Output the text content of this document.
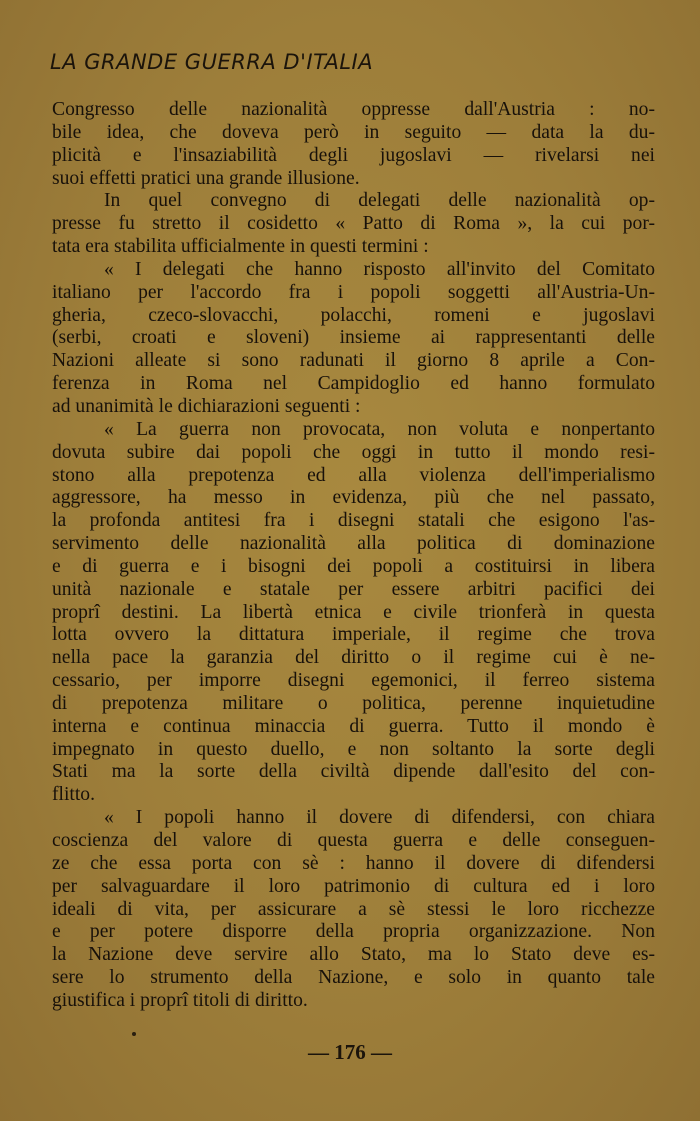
LA GRANDE GUERRA D'ITALIA

Congresso delle nazionalità oppresse dall'Austria : no-

bile idea, che doveva però in seguito — data la du-

plicità e l'insaziabilità degli jugoslavi — rivelarsi nei

suoi effetti pratici una grande illusione.

In quel convegno di delegati delle nazionalità op-

presse fu stretto il cosidetto « Patto di Roma », la cui por-

tata era stabilita ufficialmente in questi termini :

« I delegati che hanno risposto all'invito del Comitato

italiano per l'accordo fra i popoli soggetti all'Austria-Un-

gheria, czeco-slovacchi, polacchi, romeni e jugoslavi

(serbi, croati e sloveni) insieme ai rappresentanti delle

Nazioni alleate si sono radunati il giorno 8 aprile a Con-

ferenza in Roma nel Campidoglio ed hanno formulato

ad unanimità le dichiarazioni seguenti :

« La guerra non provocata, non voluta e nonpertanto

dovuta subire dai popoli che oggi in tutto il mondo resi-

stono alla prepotenza ed alla violenza dell'imperialismo

aggressore, ha messo in evidenza, più che nel passato,

la profonda antitesi fra i disegni statali che esigono l'as-

servimento delle nazionalità alla politica di dominazione

e di guerra e i bisogni dei popoli a costituirsi in libera

unità nazionale e statale per essere arbitri pacifici dei

proprî destini. La libertà etnica e civile trionferà in questa

lotta ovvero la dittatura imperiale, il regime che trova

nella pace la garanzia del diritto o il regime cui è ne-

cessario, per imporre disegni egemonici, il ferreo sistema

di prepotenza militare o politica, perenne inquietudine

interna e continua minaccia di guerra. Tutto il mondo è

impegnato in questo duello, e non soltanto la sorte degli

Stati ma la sorte della civiltà dipende dall'esito del con-

flitto.

« I popoli hanno il dovere di difendersi, con chiara

coscienza del valore di questa guerra e delle conseguen-

ze che essa porta con sè : hanno il dovere di difendersi

per salvaguardare il loro patrimonio di cultura ed i loro

ideali di vita, per assicurare a sè stessi le loro ricchezze

e per potere disporre della propria organizzazione. Non

la Nazione deve servire allo Stato, ma lo Stato deve es-

sere lo strumento della Nazione, e solo in quanto tale

giustifica i proprî titoli di diritto.

— 176 —
